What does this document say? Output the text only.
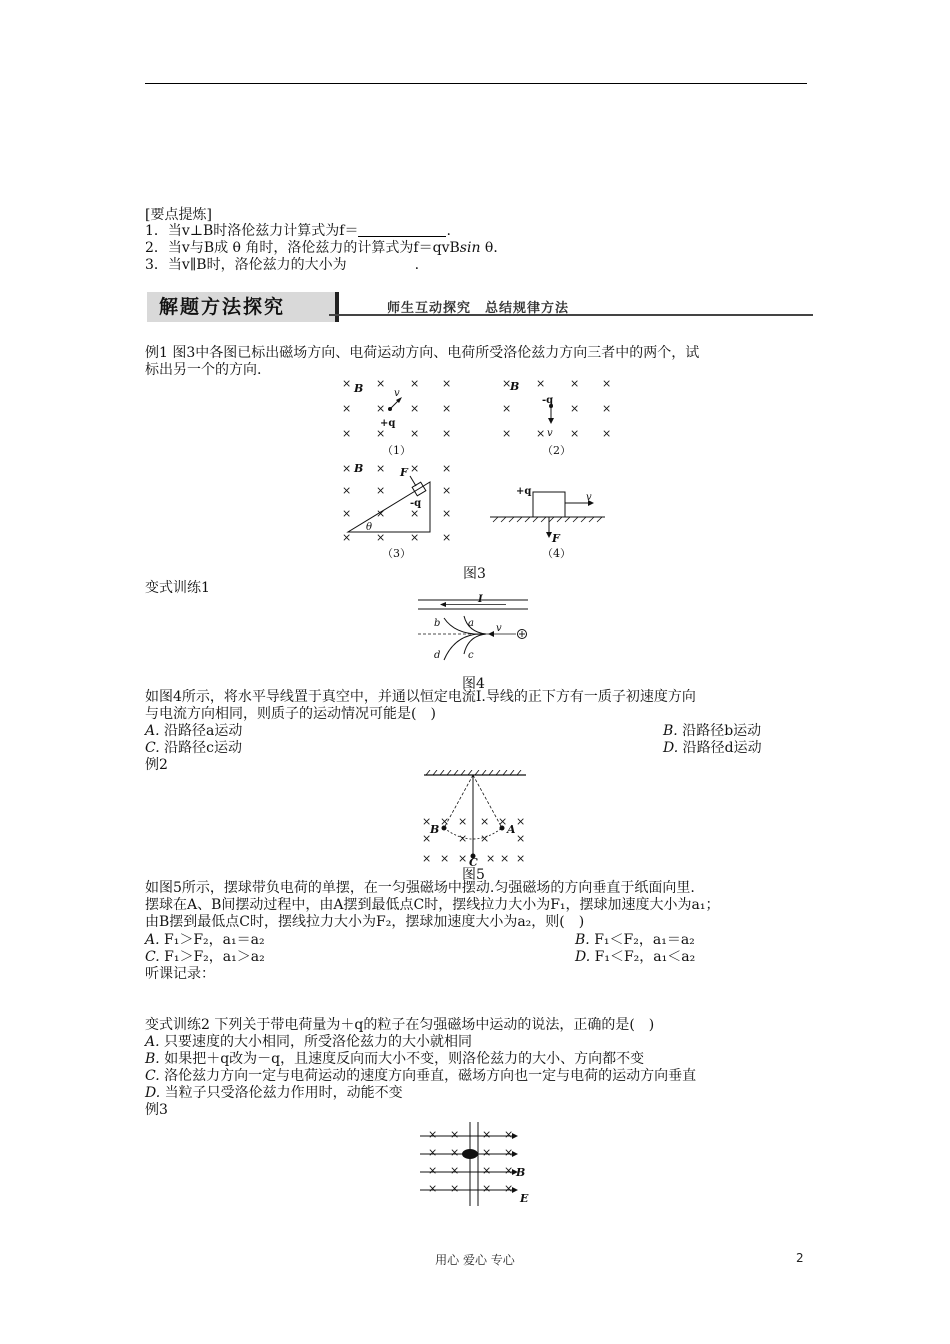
[要点提炼]
1．当v⊥B时洛伦兹力计算式为f＝	.
2．当v与B成 θ 角时，洛伦兹力的计算式为f＝qvBsin θ．
3．当v∥B时，洛伦兹力的大小为	.
解题方法探究	师生互动探究　总结规律方法
例1 图3中各图已标出磁场方向、电荷运动方向、电荷所受洛伦兹力方向三者中的两个，试
标出另一个的方向.
× × × ×
× × × ×
× × × ×
B	v
+q
（1）
× × × ×
×	× ×
× × × ×
B
-q
v
（2）
× × × ×
× ×	×
× × × ×
× × × ×
B	F
-q
θ
（3）
v
+q
F
（4）
图3
变式训练1
I
v
a
b
c
d
图4
如图4所示，将水平导线置于真空中，并通以恒定电流I.导线的正下方有一质子初速度方向
与电流方向相同，则质子的运动情况可能是(　)
A. 沿路径a运动	B. 沿路径b运动
C. 沿路径c运动	D. 沿路径d运动
例2
× × × × × ×
× × × ×
× × × × × ×
B	A
C
图5
如图5所示，摆球带负电荷的单摆，在一匀强磁场中摆动.匀强磁场的方向垂直于纸面向里.
摆球在A、B间摆动过程中，由A摆到最低点C时，摆线拉力大小为F₁，摆球加速度大小为a₁；
由B摆到最低点C时，摆线拉力大小为F₂，摆球加速度大小为a₂，则(　)
A. F₁＞F₂，a₁＝a₂	B. F₁＜F₂，a₁＝a₂
C. F₁＞F₂，a₁＞a₂	D. F₁＜F₂，a₁＜a₂
听课记录：
变式训练2 下列关于带电荷量为＋q的粒子在匀强磁场中运动的说法，正确的是(　)
A. 只要速度的大小相同，所受洛伦兹力的大小就相同
B. 如果把＋q改为－q，且速度反向而大小不变，则洛伦兹力的大小、方向都不变
C. 洛伦兹力方向一定与电荷运动的速度方向垂直，磁场方向也一定与电荷的运动方向垂直
D. 当粒子只受洛伦兹力作用时，动能不变
例3
× × × ×
× × × ×
× × × ×
× × × ×
B
E
用心 爱心 专心	2
